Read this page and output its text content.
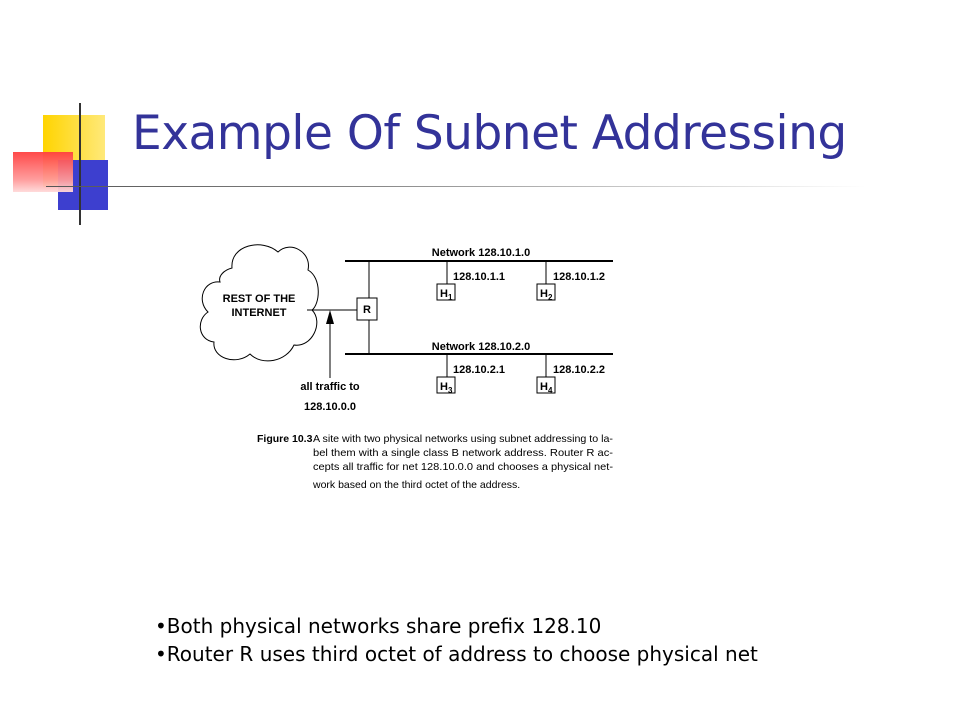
Example Of Subnet Addressing
REST OF THE
INTERNET	R
Network 128.10.1.0
Network 128.10.2.0
128.10.1.1	128.10.1.2
128.10.2.1	128.10.2.2
$H_1$	$H_2$
$H_3$	$H_4$
all traffic to
128.10.0.0
Figure 10.3 A site with two physical networks using subnet addressing to la-
bel them with a single class B network address. Router R ac-
cepts all traffic for net 128.10.0.0 and chooses a physical net-
work based on the third octet of the address.
• Both physical networks share prefix 128.10
• Router R uses third octet of address to choose physical net
